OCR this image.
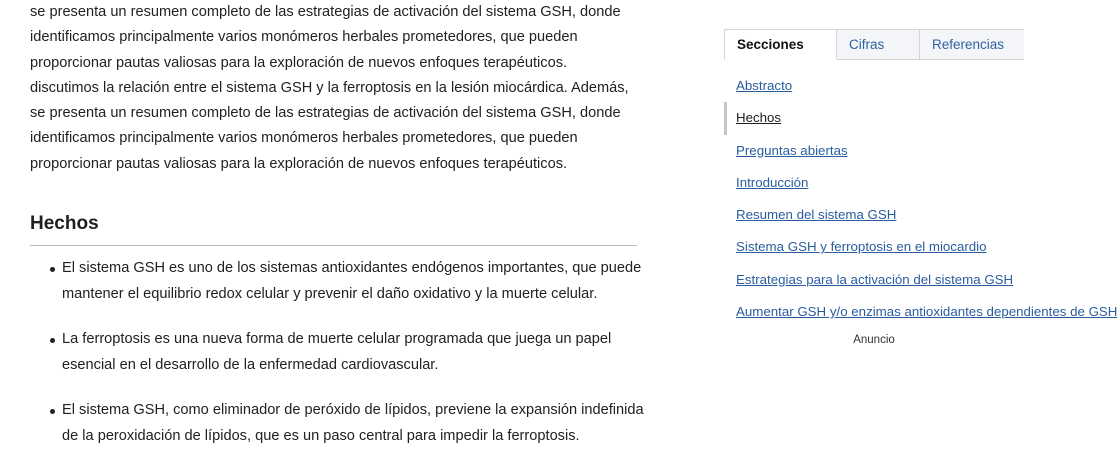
se presenta un resumen completo de las estrategias de activación del sistema GSH, donde
identificamos principalmente varios monómeros herbales prometedores, que pueden
proporcionar pautas valiosas para la exploración de nuevos enfoques terapéuticos.
discutimos la relación entre el sistema GSH y la ferroptosis en la lesión miocárdica. Además,
se presenta un resumen completo de las estrategias de activación del sistema GSH, donde
identificamos principalmente varios monómeros herbales prometedores, que pueden
proporcionar pautas valiosas para la exploración de nuevos enfoques terapéuticos.

Hechos
El sistema GSH es uno de los sistemas antioxidantes endógenos importantes, que puede
mantener el equilibrio redox celular y prevenir el daño oxidativo y la muerte celular.
La ferroptosis es una nueva forma de muerte celular programada que juega un papel
esencial en el desarrollo de la enfermedad cardiovascular.
El sistema GSH, como eliminador de peróxido de lípidos, previene la expansión indefinida
de la peroxidación de lípidos, que es un paso central para impedir la ferroptosis.
Secciones	Cifras	Referencias
Abstracto
Hechos
Preguntas abiertas
Introducción
Resumen del sistema GSH
Sistema GSH y ferroptosis en el miocardio
Estrategias para la activación del sistema GSH
Aumentar GSH y/o enzimas antioxidantes dependientes de GSH
Anuncio
